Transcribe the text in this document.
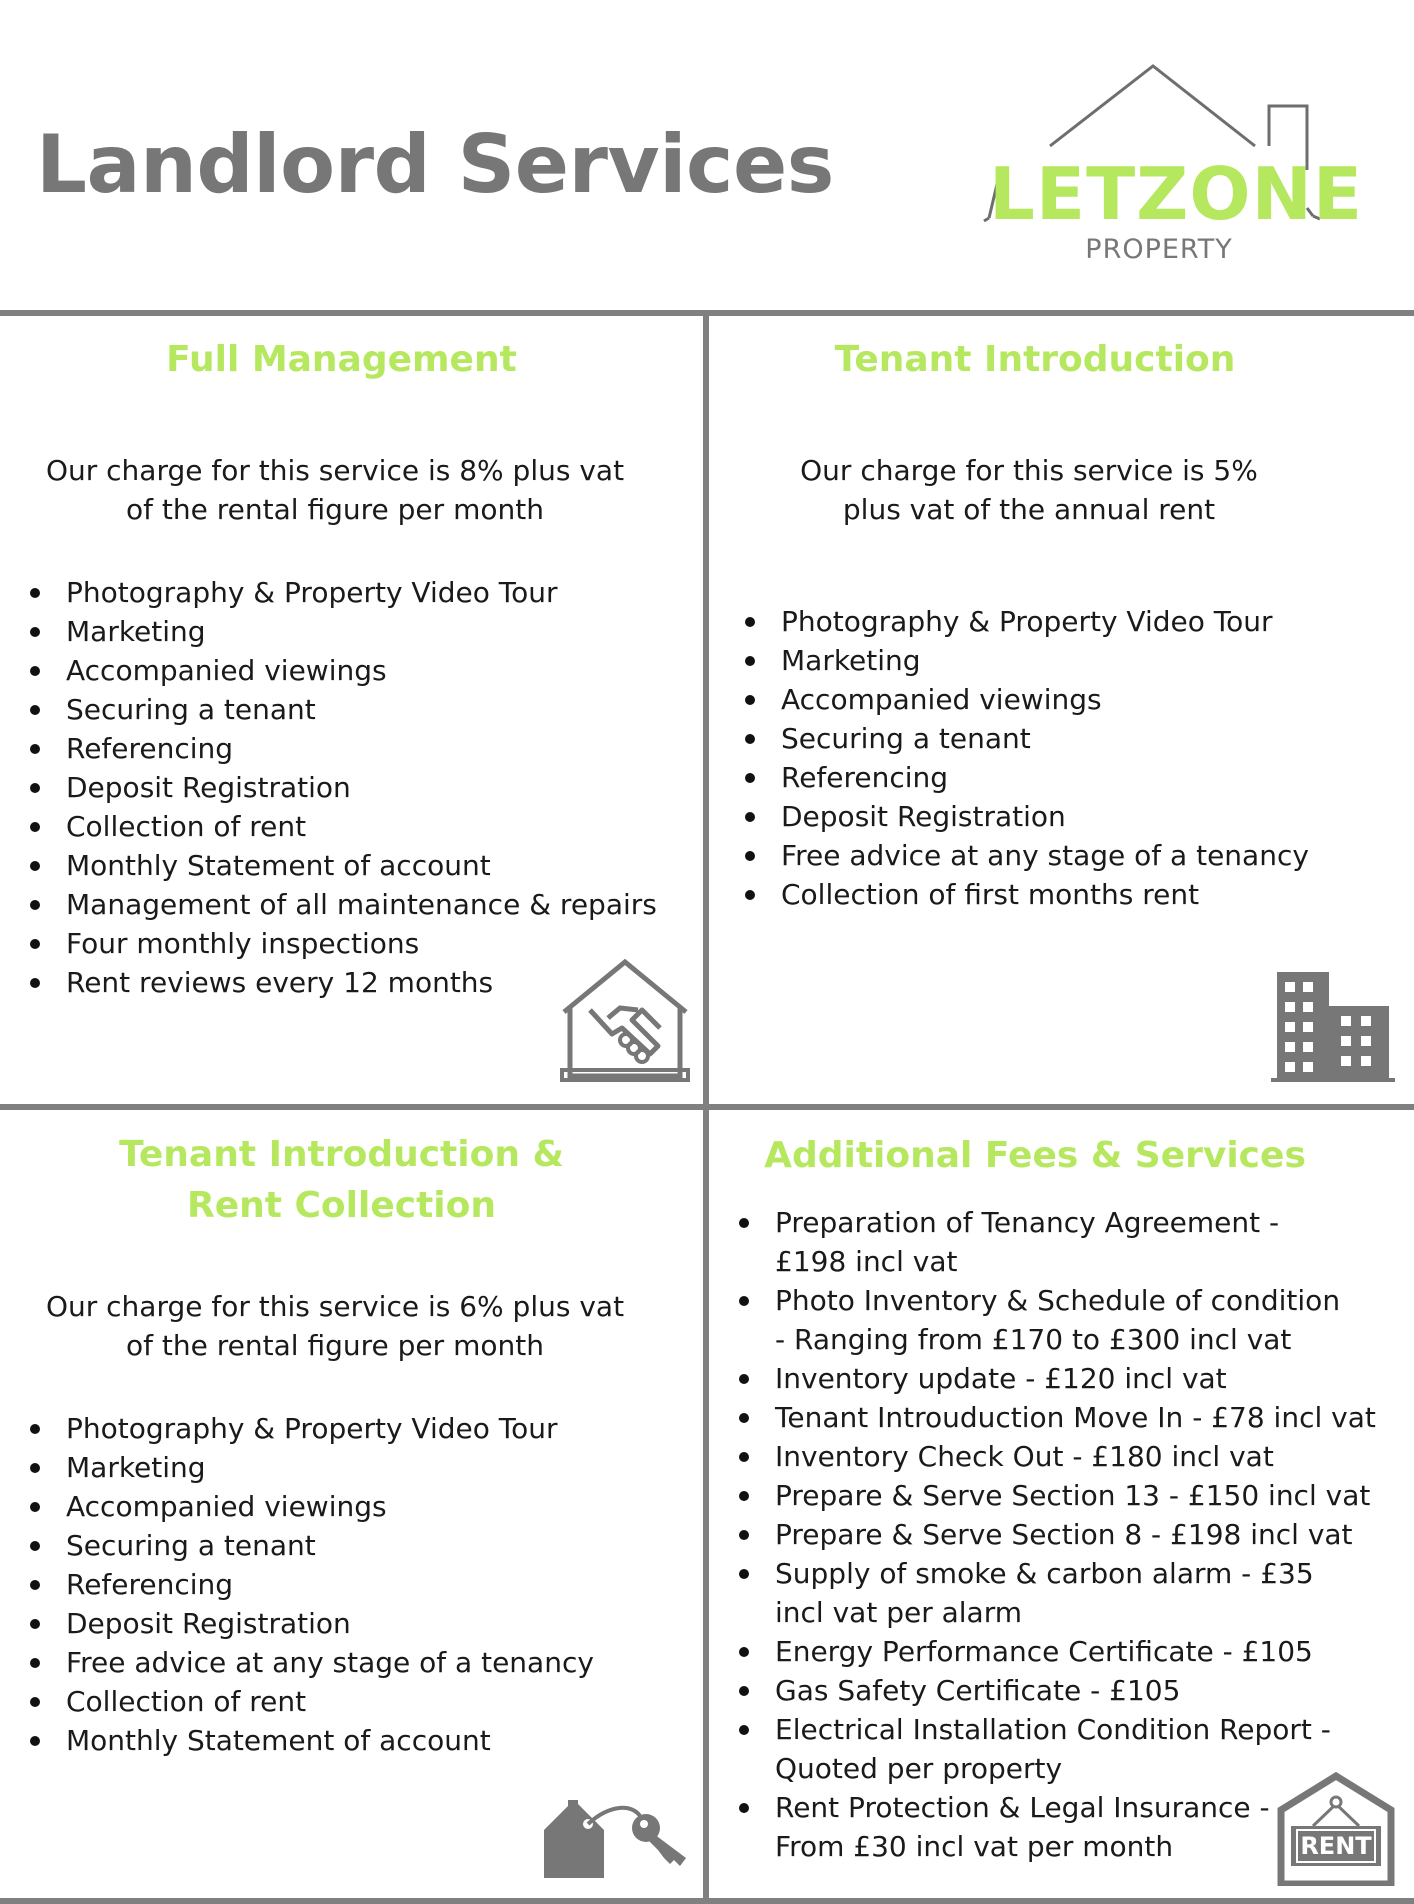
Landlord Services LETZONE
PROPERTY
Full Management
Our charge for this service is 8% plus vat
of the rental figure per month
Photography & Property Video Tour
Marketing
Accompanied viewings
Securing a tenant
Referencing
Deposit Registration
Collection of rent
Monthly Statement of account
Management of all maintenance & repairs
Four monthly inspections
Rent reviews every 12 months
Tenant Introduction
Our charge for this service is 5%
plus vat of the annual rent
Photography & Property Video Tour
Marketing
Accompanied viewings
Securing a tenant
Referencing
Deposit Registration
Free advice at any stage of a tenancy
Collection of first months rent
Tenant Introduction &
Rent Collection
Our charge for this service is 6% plus vat
of the rental figure per month
Photography & Property Video Tour
Marketing
Accompanied viewings
Securing a tenant
Referencing
Deposit Registration
Free advice at any stage of a tenancy
Collection of rent
Monthly Statement of account
Additional Fees & Services
Preparation of Tenancy Agreement - £198 incl vat
Photo Inventory & Schedule of condition - Ranging from £170 to £300 incl vat
Inventory update - £120 incl vat
Tenant Introuduction Move In - £78 incl vat
Inventory Check Out - £180 incl vat
Prepare & Serve Section 13 - £150 incl vat
Prepare & Serve Section 8 - £198 incl vat
Supply of smoke & carbon alarm - £35 incl vat per alarm
Energy Performance Certificate - £105
Gas Safety Certificate - £105
Electrical Installation Condition Report - Quoted per property
Rent Protection & Legal Insurance - From £30 incl vat per month	RENT
